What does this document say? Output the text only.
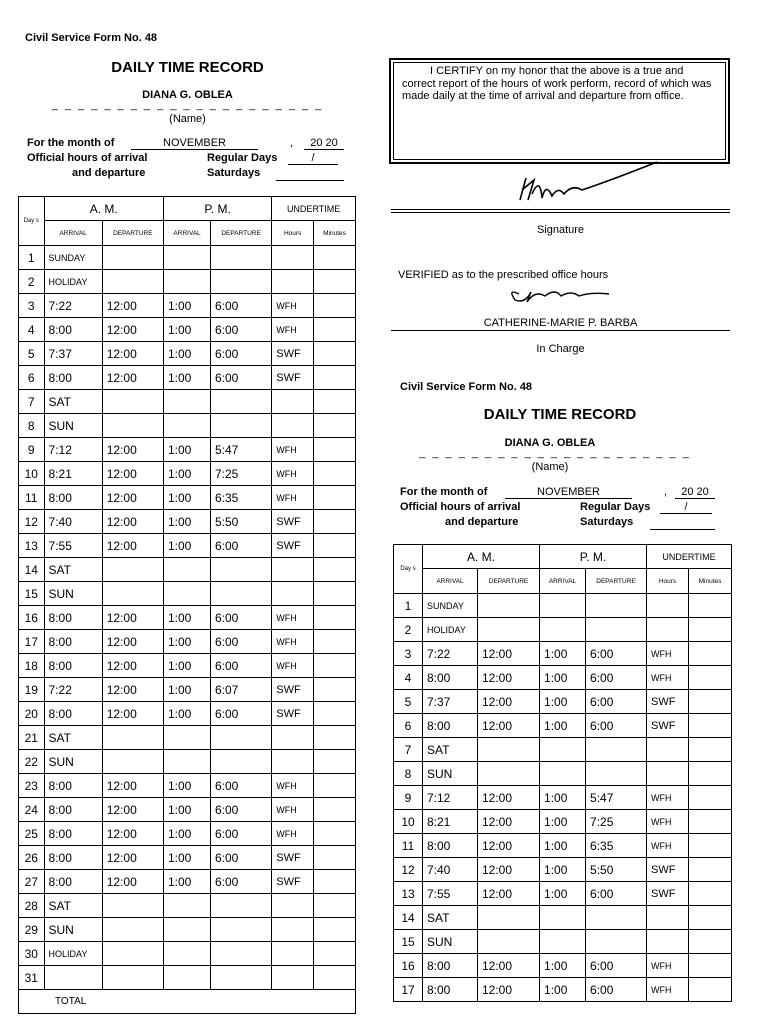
Civil Service Form No. 48
DAILY TIME RECORD
DIANA G. OBLEA
_ _ _ _ _ _ _ _ _ _ _ _ _ _ _ _ _ _ _ _ _
(Name)
For the month of	NOVEMBER	,	20 20
Official hours of arrival
and departure
Regular Days	/
Saturdays
Day s	A. M.		P. M.		UNDERTIME	
	ARRIVAL	DEPARTURE	ARRIVAL	DEPARTURE	Hours	Minutes
1	SUNDAY					
2	HOLIDAY					
3	7:22	12:00	1:00	6:00	WFH	
4	8:00	12:00	1:00	6:00	WFH	
5	7:37	12:00	1:00	6:00	SWF	
6	8:00	12:00	1:00	6:00	SWF	
7	SAT					
8	SUN					
9	7:12	12:00	1:00	5:47	WFH	
10	8:21	12:00	1:00	7:25	WFH	
11	8:00	12:00	1:00	6:35	WFH	
12	7:40	12:00	1:00	5:50	SWF	
13	7:55	12:00	1:00	6:00	SWF	
14	SAT					
15	SUN					
16	8:00	12:00	1:00	6:00	WFH	
17	8:00	12:00	1:00	6:00	WFH	
18	8:00	12:00	1:00	6:00	WFH	
19	7:22	12:00	1:00	6:07	SWF	
20	8:00	12:00	1:00	6:00	SWF	
21	SAT					
22	SUN					
23	8:00	12:00	1:00	6:00	WFH	
24	8:00	12:00	1:00	6:00	WFH	
25	8:00	12:00	1:00	6:00	WFH	
26	8:00	12:00	1:00	6:00	SWF	
27	8:00	12:00	1:00	6:00	SWF	
28	SAT					
29	SUN					
30	HOLIDAY					
31						
TOTAL						
I CERTIFY on my honor that the above is a true and correct report of the hours of work perform, record of which was made daily at the time of arrival and departure from office.
Signature
VERIFIED as to the prescribed office hours
CATHERINE-MARIE P. BARBA
In Charge
Civil Service Form No. 48
DAILY TIME RECORD
DIANA G. OBLEA
_ _ _ _ _ _ _ _ _ _ _ _ _ _ _ _ _ _ _ _ _
(Name)
For the month of	NOVEMBER	,	20 20
Official hours of arrival
and departure
Regular Days	/
Saturdays
Day s	A. M.		P. M.		UNDERTIME	
	ARRIVAL	DEPARTURE	ARRIVAL	DEPARTURE	Hours	Minutes
1	SUNDAY					
2	HOLIDAY					
3	7:22	12:00	1:00	6:00	WFH	
4	8:00	12:00	1:00	6:00	WFH	
5	7:37	12:00	1:00	6:00	SWF	
6	8:00	12:00	1:00	6:00	SWF	
7	SAT					
8	SUN					
9	7:12	12:00	1:00	5:47	WFH	
10	8:21	12:00	1:00	7:25	WFH	
11	8:00	12:00	1:00	6:35	WFH	
12	7:40	12:00	1:00	5:50	SWF	
13	7:55	12:00	1:00	6:00	SWF	
14	SAT					
15	SUN					
16	8:00	12:00	1:00	6:00	WFH	
17	8:00	12:00	1:00	6:00	WFH	
